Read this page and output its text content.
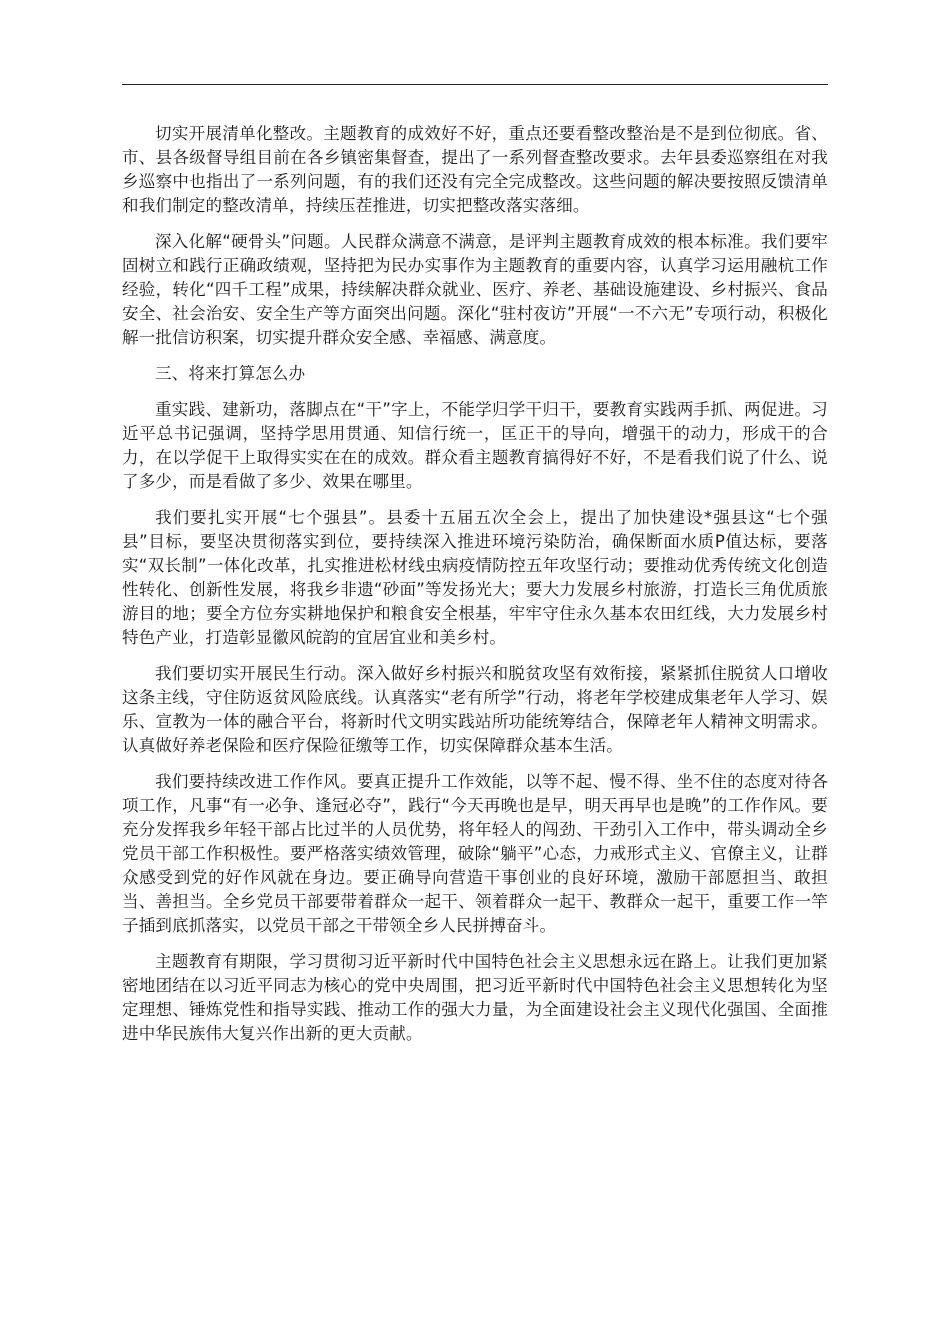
切实开展清单化整改。主题教育的成效好不好，重点还要看整改整治是不是到位彻底。省、市、县各级督导组目前在各乡镇密集督查，提出了一系列督查整改要求。去年县委巡察组在对我乡巡察中也指出了一系列问题，有的我们还没有完全完成整改。这些问题的解决要按照反馈清单和我们制定的整改清单，持续压茬推进，切实把整改落实落细。

深入化解“硬骨头”问题。人民群众满意不满意，是评判主题教育成效的根本标准。我们要牢固树立和践行正确政绩观，坚持把为民办实事作为主题教育的重要内容，认真学习运用融杭工作经验，转化“四千工程”成果，持续解决群众就业、医疗、养老、基础设施建设、乡村振兴、食品安全、社会治安、安全生产等方面突出问题。深化“驻村夜访”开展“一不六无”专项行动，积极化解一批信访积案，切实提升群众安全感、幸福感、满意度。

三、将来打算怎么办

重实践、建新功，落脚点在“干”字上，不能学归学干归干，要教育实践两手抓、两促进。习近平总书记强调，坚持学思用贯通、知信行统一，匡正干的导向，增强干的动力，形成干的合力，在以学促干上取得实实在在的成效。群众看主题教育搞得好不好，不是看我们说了什么、说了多少，而是看做了多少、效果在哪里。

我们要扎实开展“七个强县”。县委十五届五次全会上，提出了加快建设*强县这“七个强县”目标，要坚决贯彻落实到位，要持续深入推进环境污染防治，确保断面水质P值达标，要落实“双长制”一体化改革，扎实推进松材线虫病疫情防控五年攻坚行动；要推动优秀传统文化创造性转化、创新性发展，将我乡非遗“砂面”等发扬光大；要大力发展乡村旅游，打造长三角优质旅游目的地；要全方位夯实耕地保护和粮食安全根基，牢牢守住永久基本农田红线，大力发展乡村特色产业，打造彰显徽风皖韵的宜居宜业和美乡村。

我们要切实开展民生行动。深入做好乡村振兴和脱贫攻坚有效衔接，紧紧抓住脱贫人口增收这条主线，守住防返贫风险底线。认真落实“老有所学”行动，将老年学校建成集老年人学习、娱乐、宣教为一体的融合平台，将新时代文明实践站所功能统筹结合，保障老年人精神文明需求。认真做好养老保险和医疗保险征缴等工作，切实保障群众基本生活。

我们要持续改进工作作风。要真正提升工作效能，以等不起、慢不得、坐不住的态度对待各项工作，凡事“有一必争、逢冠必夺”，践行“今天再晚也是早，明天再早也是晚”的工作作风。要充分发挥我乡年轻干部占比过半的人员优势，将年轻人的闯劲、干劲引入工作中，带头调动全乡党员干部工作积极性。要严格落实绩效管理，破除“躺平”心态，力戒形式主义、官僚主义，让群众感受到党的好作风就在身边。要正确导向营造干事创业的良好环境，激励干部愿担当、敢担当、善担当。全乡党员干部要带着群众一起干、领着群众一起干、教群众一起干，重要工作一竿子插到底抓落实，以党员干部之干带领全乡人民拼搏奋斗。

主题教育有期限，学习贯彻习近平新时代中国特色社会主义思想永远在路上。让我们更加紧密地团结在以习近平同志为核心的党中央周围，把习近平新时代中国特色社会主义思想转化为坚定理想、锤炼党性和指导实践、推动工作的强大力量，为全面建设社会主义现代化强国、全面推进中华民族伟大复兴作出新的更大贡献。
